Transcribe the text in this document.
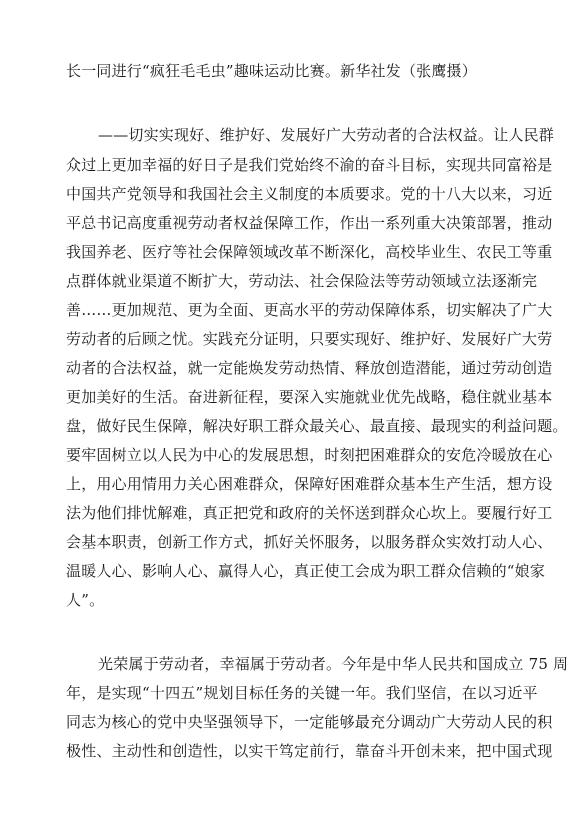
长一同进行“疯狂毛毛虫”趣味运动比赛。新华社发（张鹰摄）
——切实实现好、维护好、发展好广大劳动者的合法权益。让人民群
众过上更加幸福的好日子是我们党始终不渝的奋斗目标，实现共同富裕是
中国共产党领导和我国社会主义制度的本质要求。党的十八大以来，习近
平总书记高度重视劳动者权益保障工作，作出一系列重大决策部署，推动
我国养老、医疗等社会保障领域改革不断深化，高校毕业生、农民工等重
点群体就业渠道不断扩大，劳动法、社会保险法等劳动领域立法逐渐完
善……更加规范、更为全面、更高水平的劳动保障体系，切实解决了广大
劳动者的后顾之忧。实践充分证明，只要实现好、维护好、发展好广大劳
动者的合法权益，就一定能焕发劳动热情、释放创造潜能，通过劳动创造
更加美好的生活。奋进新征程，要深入实施就业优先战略，稳住就业基本
盘，做好民生保障，解决好职工群众最关心、最直接、最现实的利益问题。
要牢固树立以人民为中心的发展思想，时刻把困难群众的安危冷暖放在心
上，用心用情用力关心困难群众，保障好困难群众基本生产生活，想方设
法为他们排忧解难，真正把党和政府的关怀送到群众心坎上。要履行好工
会基本职责，创新工作方式，抓好关怀服务，以服务群众实效打动人心、
温暖人心、影响人心、赢得人心，真正使工会成为职工群众信赖的“娘家
人”。
光荣属于劳动者，幸福属于劳动者。今年是中华人民共和国成立 75 周
年，是实现“十四五”规划目标任务的关键一年。我们坚信，在以习近平
同志为核心的党中央坚强领导下，一定能够最充分调动广大劳动人民的积
极性、主动性和创造性，以实干笃定前行，靠奋斗开创未来，把中国式现
